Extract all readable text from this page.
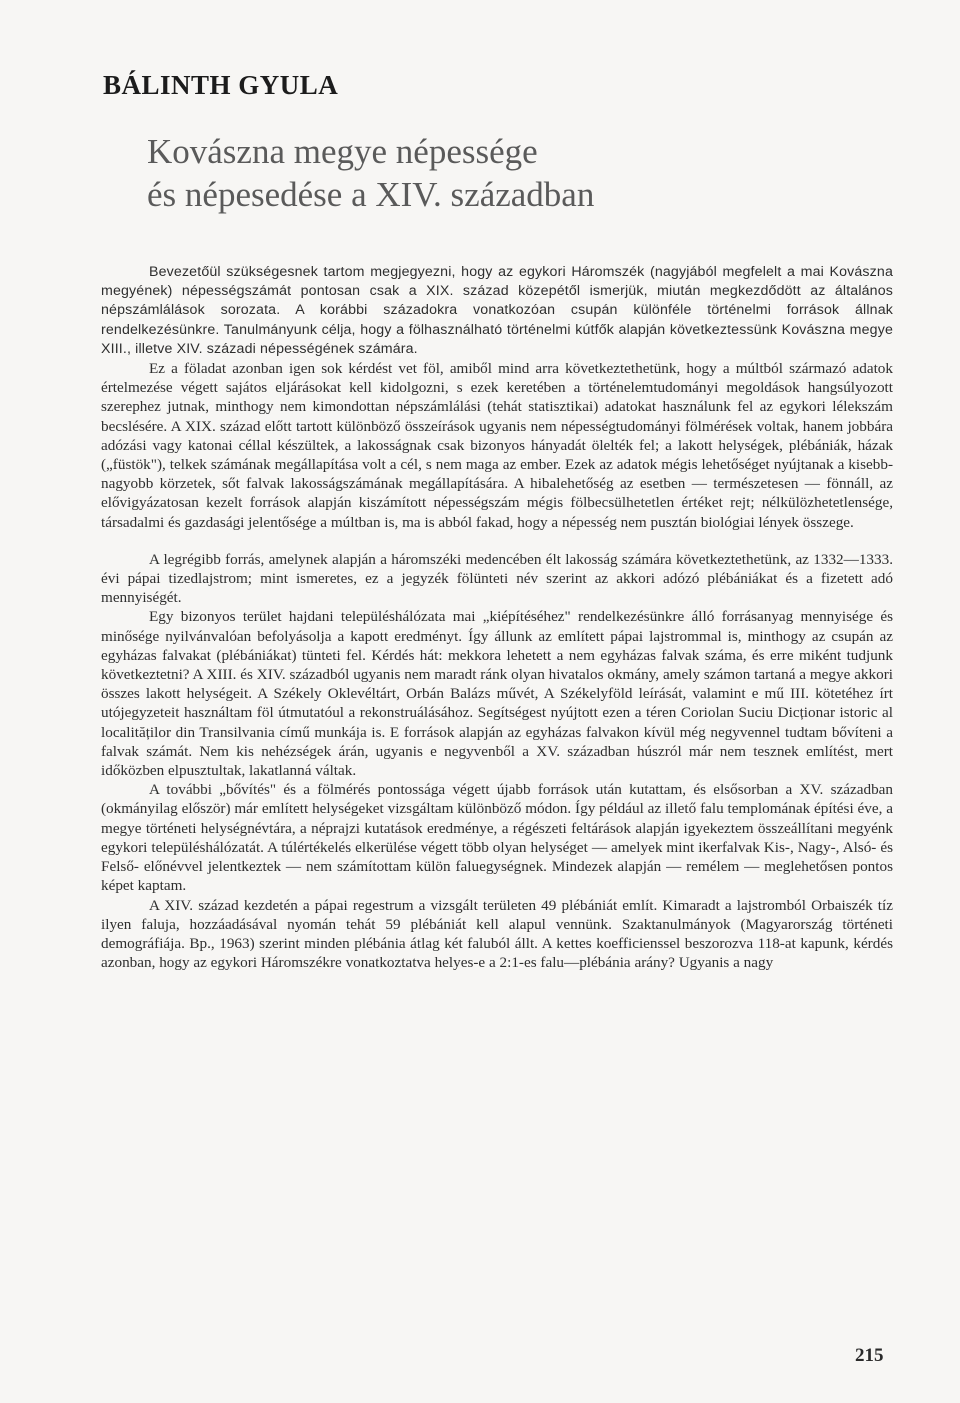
BÁLINTH GYULA
Kovászna megye népessége
és népesedése a XIV. században

Bevezetőül szükségesnek tartom megjegyezni, hogy az egykori Háromszék (nagyjából megfelelt a mai Kovászna megyének) népességszámát pontosan csak a XIX. század közepétől ismerjük, miután megkezdődött az általános népszámlálások sorozata. A korábbi századokra vonatkozóan csupán különféle történelmi források állnak rendelkezésünkre. Tanulmányunk célja, hogy a fölhasználható történelmi kútfők alapján következtessünk Kovászna megye XIII., illetve XIV. századi népességének számára.

Ez a föladat azonban igen sok kérdést vet föl, amiből mind arra következtethetünk, hogy a múltból származó adatok értelmezése végett sajátos eljárásokat kell kidolgozni, s ezek keretében a történelemtudományi megoldások hangsúlyozott szerephez jutnak, minthogy nem kimondottan népszámlálási (tehát statisztikai) adatokat használunk fel az egykori lélekszám becslésére. A XIX. század előtt tartott különböző összeírások ugyanis nem népességtudományi fölmérések voltak, hanem jobbára adózási vagy katonai céllal készültek, a lakosságnak csak bizonyos hányadát ölelték fel; a lakott helységek, plébániák, házak („füstök"), telkek számának megállapítása volt a cél, s nem maga az ember. Ezek az adatok mégis lehetőséget nyújtanak a kisebb-nagyobb körzetek, sőt falvak lakosságszámának megállapítására. A hibalehetőség az esetben — természetesen — fönnáll, az elővigyázatosan kezelt források alapján kiszámított népességszám mégis fölbecsülhetetlen értéket rejt; nélkülözhetetlensége, társadalmi és gazdasági jelentősége a múltban is, ma is abból fakad, hogy a népesség nem pusztán biológiai lények összege.

A legrégibb forrás, amelynek alapján a háromszéki medencében élt lakosság számára következtethetünk, az 1332—1333. évi pápai tizedlajstrom; mint ismeretes, ez a jegyzék fölünteti név szerint az akkori adózó plébániákat és a fizetett adó mennyiségét.

Egy bizonyos terület hajdani településhálózata mai „kiépítéséhez" rendelkezésünkre álló forrásanyag mennyisége és minősége nyilvánvalóan befolyásolja a kapott eredményt. Így állunk az említett pápai lajstrommal is, minthogy az csupán az egyházas falvakat (plébániákat) tünteti fel. Kérdés hát: mekkora lehetett a nem egyházas falvak száma, és erre miként tudjunk következtetni? A XIII. és XIV. századból ugyanis nem maradt ránk olyan hivatalos okmány, amely számon tartaná a megye akkori összes lakott helységeit. A Székely Oklevéltárt, Orbán Balázs művét, A Székelyföld leírását, valamint e mű III. kötetéhez írt utójegyzeteit használtam föl útmutatóul a rekonstruálásához. Segítségest nyújtott ezen a téren Coriolan Suciu Dicționar istoric al localităților din Transilvania című munkája is. E források alapján az egyházas falvakon kívül még negyvennel tudtam bővíteni a falvak számát. Nem kis nehézségek árán, ugyanis e negyvenből a XV. században húszról már nem tesznek említést, mert időközben elpusztultak, lakatlanná váltak.

A további „bővítés" és a fölmérés pontossága végett újabb források után kutattam, és elsősorban a XV. században (okmányilag először) már említett helységeket vizsgáltam különböző módon. Így például az illető falu templomának építési éve, a megye történeti helységnévtára, a néprajzi kutatások eredménye, a régészeti feltárások alapján igyekeztem összeállítani megyénk egykori településhálózatát. A túlértékelés elkerülése végett több olyan helységet — amelyek mint ikerfalvak Kis-, Nagy-, Alsó- és Felső- előnévvel jelentkeztek — nem számítottam külön faluegységnek. Mindezek alapján — remélem — meglehetősen pontos képet kaptam.

A XIV. század kezdetén a pápai regestrum a vizsgált területen 49 plébániát említ. Kimaradt a lajstromból Orbaiszék tíz ilyen faluja, hozzáadásával nyomán tehát 59 plébániát kell alapul vennünk. Szaktanulmányok (Magyarország történeti demográfiája. Bp., 1963) szerint minden plébánia átlag két faluból állt. A kettes koefficienssel beszorozva 118-at kapunk, kérdés azonban, hogy az egykori Háromszékre vonatkoztatva helyes-e a 2:1-es falu—plébánia arány? Ugyanis a nagy

215
